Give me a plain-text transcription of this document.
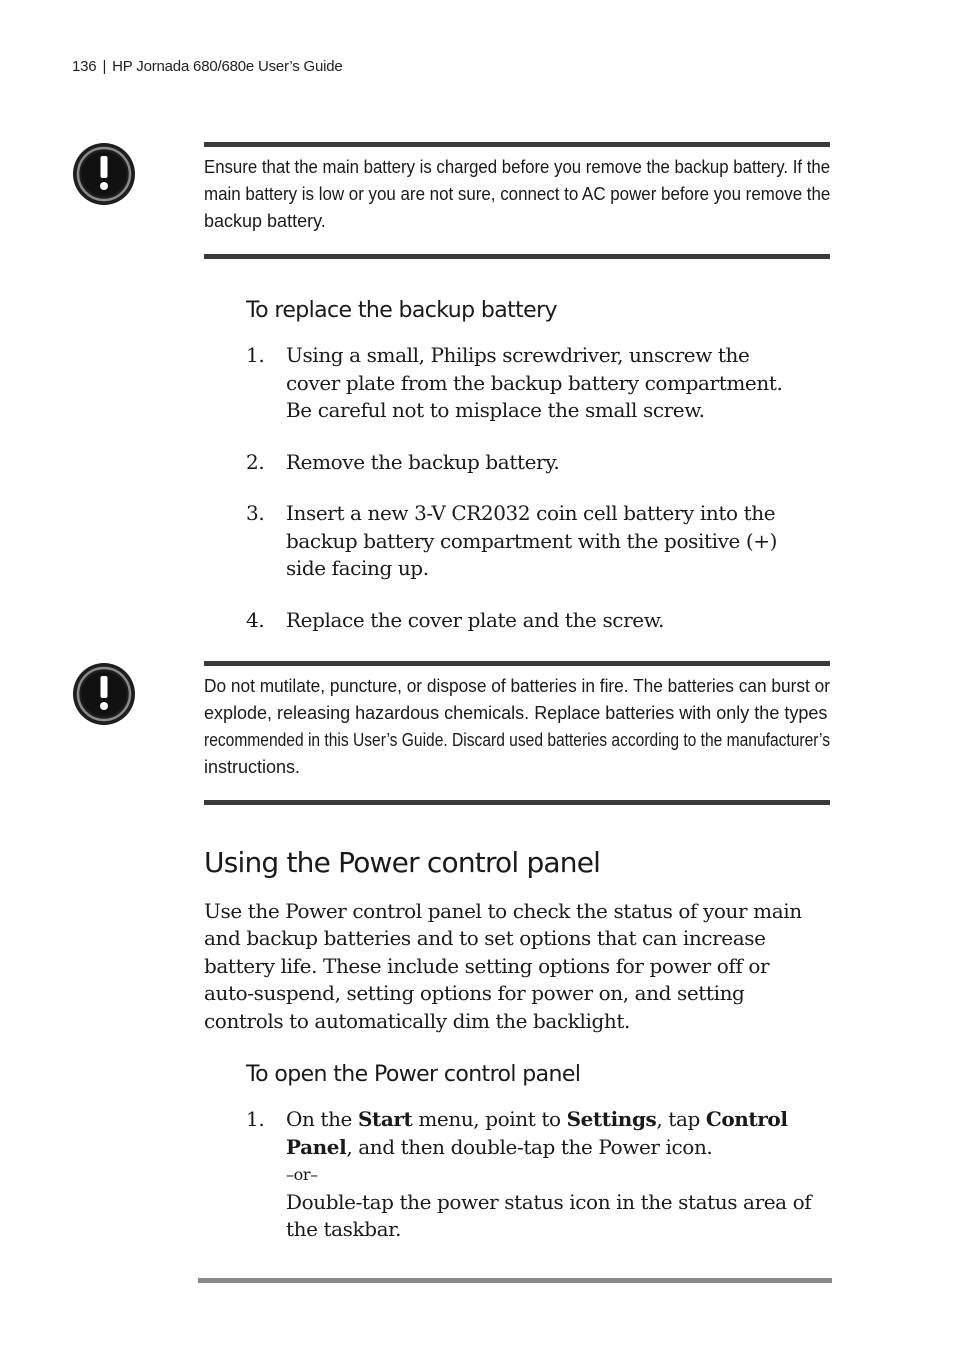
136 | HP Jornada 680/680e User’s Guide
Ensure that the main battery is charged before you remove the backup battery. If the
main battery is low or you are not sure, connect to AC power before you remove the
backup battery.
To replace the backup battery
1. Using a small, Philips screwdriver, unscrew the
cover plate from the backup battery compartment.
Be careful not to misplace the small screw.
2. Remove the backup battery.
3. Insert a new 3-V CR2032 coin cell battery into the
backup battery compartment with the positive (+)
side facing up.
4. Replace the cover plate and the screw.
Do not mutilate, puncture, or dispose of batteries in fire. The batteries can burst or
explode, releasing hazardous chemicals. Replace batteries with only the types
recommended in this User’s Guide. Discard used batteries according to the manufacturer’s
instructions.
Using the Power control panel
Use the Power control panel to check the status of your main
and backup batteries and to set options that can increase
battery life. These include setting options for power off or
auto-suspend, setting options for power on, and setting
controls to automatically dim the backlight.
To open the Power control panel
1. On the Start menu, point to Settings, tap Control
Panel, and then double-tap the Power icon.
–or–
Double-tap the power status icon in the status area of
the taskbar.
